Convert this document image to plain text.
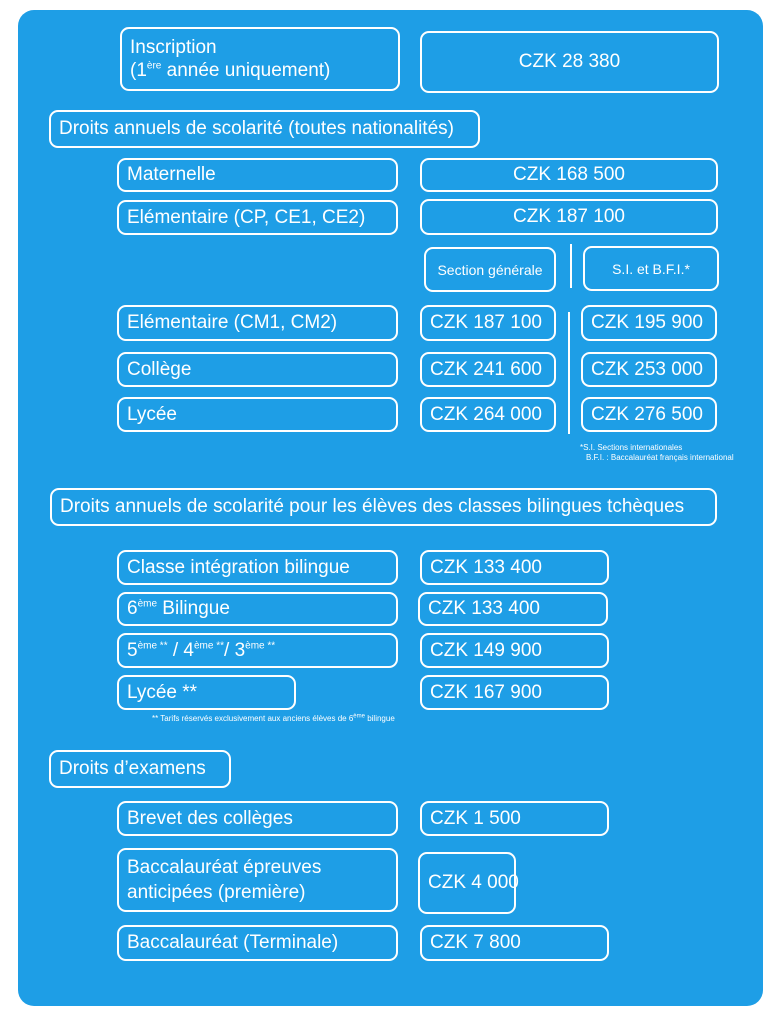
Inscription
(1ère année uniquement)	CZK 28 380
Droits annuels de scolarité (toutes nationalités)
Maternelle	CZK 168 500
Elémentaire (CP, CE1, CE2)	CZK 187 100
Section générale	S.I. et B.F.I.*
Elémentaire (CM1, CM2)	CZK 187 100	CZK 195 900
Collège	CZK 241 600	CZK 253 000
Lycée	CZK 264 000	CZK 276 500
*S.I. Sections internationales
B.F.I. : Baccalauréat français international
Droits annuels de scolarité pour les élèves des classes bilingues tchèques
Classe intégration bilingue	CZK 133 400
6ème Bilingue	CZK 133 400
$5^{ème **} / 4^{ème **}/$ $3^{ème **}$	CZK 149 900
Lycée **	CZK 167 900
** Tarifs réservés exclusivement aux anciens élèves de 6ème bilingue
Droits d’examens
Brevet des collèges	CZK 1 500
Baccalauréat épreuves
anticipées (première)	CZK 4 000
Baccalauréat (Terminale)	CZK 7 800
